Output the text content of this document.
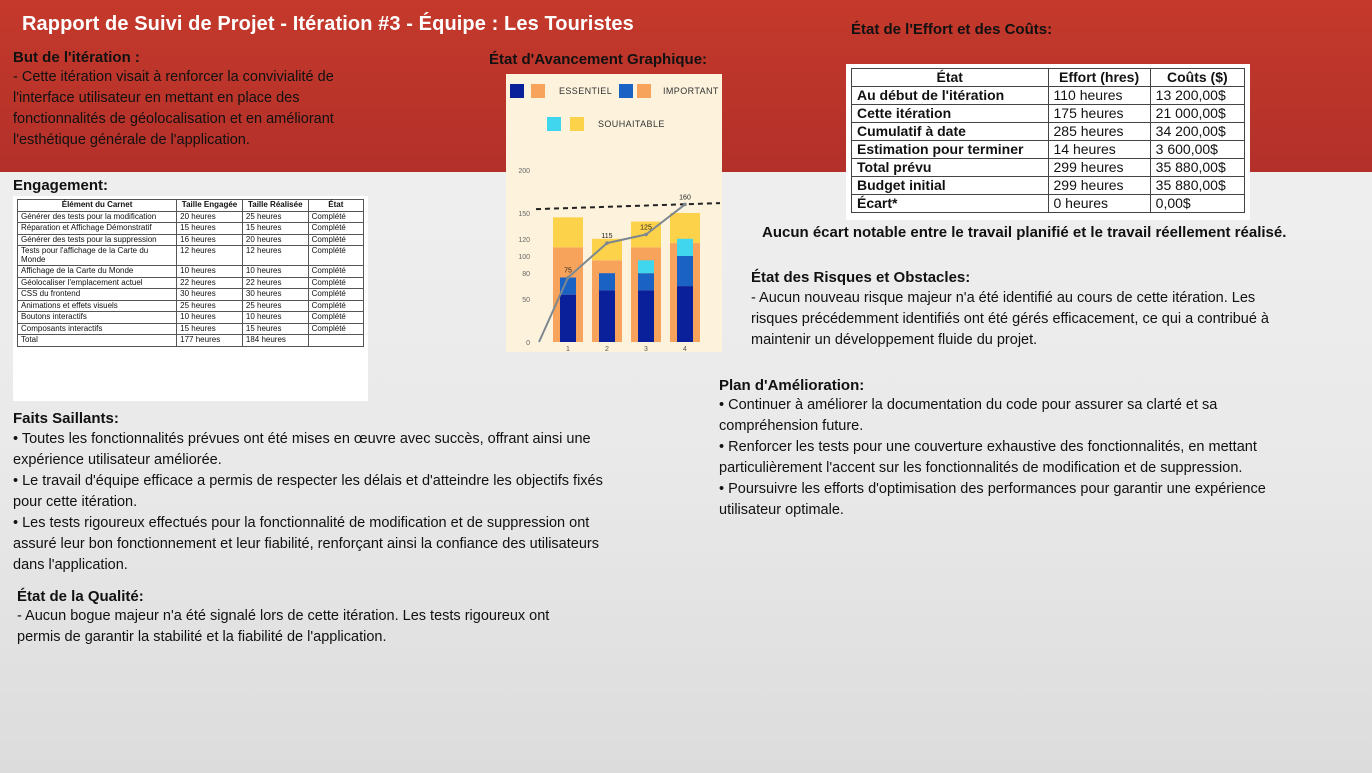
Rapport de Suivi de Projet - Itération #3 - Équipe : Les Touristes
But de l'itération :
- Cette itération visait à renforcer la convivialité de
l'interface utilisateur en mettant en place des
fonctionnalités de géolocalisation et en améliorant
l'esthétique générale de l'application.
Engagement:
Élément du Carnet	Taille Engagée	Taille Réalisée	État
Générer des tests pour la modification	20 heures	25 heures	Complété
Réparation et Affichage Démonstratif	15 heures	15 heures	Complété
Générer des tests pour la suppression	16 heures	20 heures	Complété
Tests pour l'affichage de la Carte du Monde	12 heures	12 heures	Complété
Affichage de la Carte du Monde	10 heures	10 heures	Complété
Géolocaliser l'emplacement actuel	22 heures	22 heures	Complété
CSS du frontend	30 heures	30 heures	Complété
Animations et effets visuels	25 heures	25 heures	Complété
Boutons interactifs	10 heures	10 heures	Complété
Composants interactifs	15 heures	15 heures	Complété
Total	177 heures	184 heures	
Faits Saillants:
• Toutes les fonctionnalités prévues ont été mises en œuvre avec succès, offrant ainsi une
expérience utilisateur améliorée.
• Le travail d'équipe efficace a permis de respecter les délais et d'atteindre les objectifs fixés
pour cette itération.
• Les tests rigoureux effectués pour la fonctionnalité de modification et de suppression ont
assuré leur bon fonctionnement et leur fiabilité, renforçant ainsi la confiance des utilisateurs
dans l'application.
État de la Qualité:
- Aucun bogue majeur n'a été signalé lors de cette itération. Les tests rigoureux ont
permis de garantir la stabilité et la fiabilité de l'application.
État d'Avancement Graphique:
ESSENTIEL	IMPORTANT
SOUHAITABLE
0
50
80
100
120
150
200
1	2	3	4
75
115
125
160
État de l'Effort et des Coûts:
État	Effort (hres)	Coûts ($)
Au début de l'itération	110 heures	13 200,00$
Cette itération	175 heures	21 000,00$
Cumulatif à date	285 heures	34 200,00$
Estimation pour terminer	14 heures	3 600,00$
Total prévu	299 heures	35 880,00$
Budget initial	299 heures	35 880,00$
Écart*	0 heures	0,00$
Aucun écart notable entre le travail planifié et le travail réellement réalisé.
État des Risques et Obstacles:
- Aucun nouveau risque majeur n'a été identifié au cours de cette itération. Les
risques précédemment identifiés ont été gérés efficacement, ce qui a contribué à
maintenir un développement fluide du projet.
Plan d'Amélioration:
• Continuer à améliorer la documentation du code pour assurer sa clarté et sa
compréhension future.
• Renforcer les tests pour une couverture exhaustive des fonctionnalités, en mettant
particulièrement l'accent sur les fonctionnalités de modification et de suppression.
• Poursuivre les efforts d'optimisation des performances pour garantir une expérience
utilisateur optimale.
